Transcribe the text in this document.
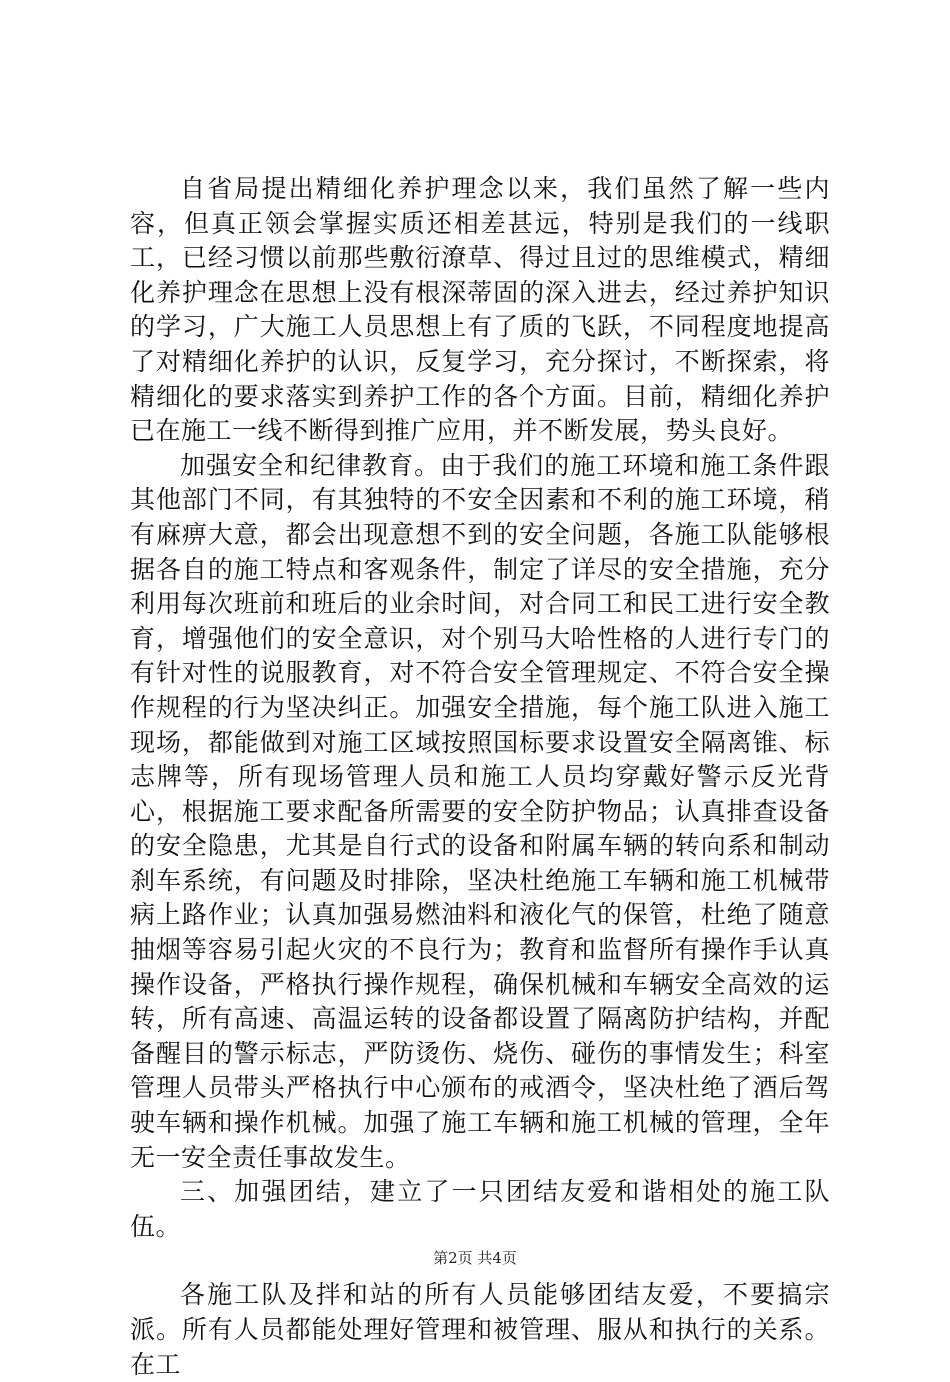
自省局提出精细化养护理念以来，我们虽然了解一些内容，但真正领会掌握实质还相差甚远，特别是我们的一线职工，已经习惯以前那些敷衍潦草、得过且过的思维模式，精细化养护理念在思想上没有根深蒂固的深入进去，经过养护知识的学习，广大施工人员思想上有了质的飞跃，不同程度地提高了对精细化养护的认识，反复学习，充分探讨，不断探索，将精细化的要求落实到养护工作的各个方面。目前，精细化养护已在施工一线不断得到推广应用，并不断发展，势头良好。

加强安全和纪律教育。由于我们的施工环境和施工条件跟其他部门不同，有其独特的不安全因素和不利的施工环境，稍有麻痹大意，都会出现意想不到的安全问题，各施工队能够根据各自的施工特点和客观条件，制定了详尽的安全措施，充分利用每次班前和班后的业余时间，对合同工和民工进行安全教育，增强他们的安全意识，对个别马大哈性格的人进行专门的有针对性的说服教育，对不符合安全管理规定、不符合安全操作规程的行为坚决纠正。加强安全措施，每个施工队进入施工现场，都能做到对施工区域按照国标要求设置安全隔离锥、标志牌等，所有现场管理人员和施工人员均穿戴好警示反光背心，根据施工要求配备所需要的安全防护物品；认真排查设备的安全隐患，尤其是自行式的设备和附属车辆的转向系和制动刹车系统，有问题及时排除，坚决杜绝施工车辆和施工机械带病上路作业；认真加强易燃油料和液化气的保管，杜绝了随意抽烟等容易引起火灾的不良行为；教育和监督所有操作手认真操作设备，严格执行操作规程，确保机械和车辆安全高效的运转，所有高速、高温运转的设备都设置了隔离防护结构，并配备醒目的警示标志，严防烫伤、烧伤、碰伤的事情发生；科室管理人员带头严格执行中心颁布的戒酒令，坚决杜绝了酒后驾驶车辆和操作机械。加强了施工车辆和施工机械的管理，全年无一安全责任事故发生。

三、加强团结，建立了一只团结友爱和谐相处的施工队伍。

各施工队及拌和站的所有人员能够团结友爱，不要搞宗派。所有人员都能处理好管理和被管理、服从和执行的关系。在工

第2页 共4页
